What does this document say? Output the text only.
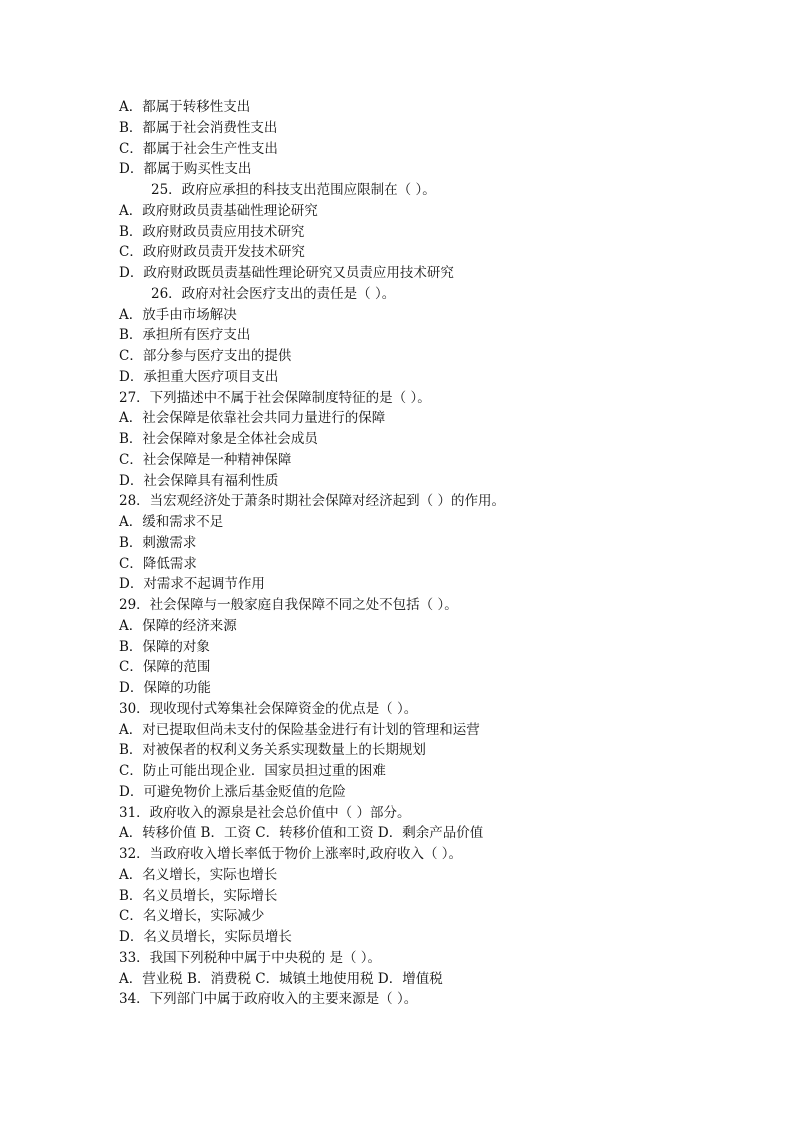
A．都属于转移性支出
B．都属于社会消费性支出
C．都属于社会生产性支出
D．都属于购买性支出
25．政府应承担的科技支出范围应限制在（ ）。
A．政府财政员责基础性理论研究
B．政府财政员责应用技术研究
C．政府财政员责开发技术研究
D．政府财政既员责基础性理论研究又员责应用技术研究
26．政府对社会医疗支出的责任是（ ）。
A．放手由市场解决
B．承担所有医疗支出
C．部分参与医疗支出的提供
D．承担重大医疗项目支出
27．下列描述中不属于社会保障制度特征的是（ ）。
A．社会保障是依靠社会共同力量进行的保障
B．社会保障对象是全体社会成员
C．社会保障是一种精神保障
D．社会保障具有福利性质
28．当宏观经济处于萧条时期社会保障对经济起到（ ）的作用。
A．缓和需求不足
B．刺激需求
C．降低需求
D．对需求不起调节作用
29．社会保障与一般家庭自我保障不同之处不包括（ ）。
A．保障的经济来源
B．保障的对象
C．保障的范围
D．保障的功能
30．现收现付式筹集社会保障资金的优点是（ ）。
A．对已提取但尚未支付的保险基金进行有计划的管理和运营
B．对被保者的权利义务关系实现数量上的长期规划
C．防止可能出现企业．国家员担过重的困难
D．可避免物价上涨后基金贬值的危险
31．政府收入的源泉是社会总价值中（ ）部分。
A．转移价值 B．工资 C．转移价值和工资 D．剩余产品价值
32．当政府收入增长率低于物价上涨率时,政府收入（ ）。
A．名义增长，实际也增长
B．名义员增长，实际增长
C．名义增长，实际减少
D．名义员增长，实际员增长
33．我国下列税种中属于中央税的 是（ ）。
A．营业税 B．消费税 C．城镇土地使用税 D．增值税
34．下列部门中属于政府收入的主要来源是（ ）。
